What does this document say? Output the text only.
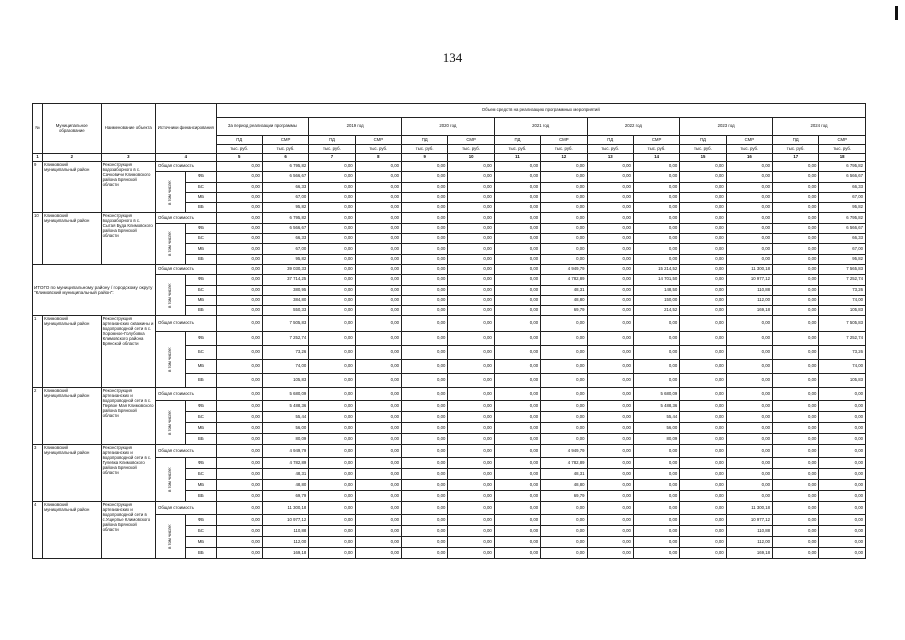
134
№	Муниципальное образование	Наименование объекта	Источники финансирования		Объем средств на реализацию программных мероприятий													
					За период реализации программы		2019 год		2020 год		2021 год		2022 год		2023 год		2024 год	
					ПД	СМР	ПД	СМР	ПД	СМР	ПД	СМР	ПД	СМР	ПД	СМР	ПД	СМР
					тыс. руб.	тыс. руб.	тыс. руб.	тыс. руб.	тыс. руб.	тыс. руб.	тыс. руб.	тыс. руб.	тыс. руб.	тыс. руб.	тыс. руб.	тыс. руб.	тыс. руб.	тыс. руб.
1	2	3	4		5	6	7	8	9	10	11	12	13	14	15	16	17	18
9	Климовский муниципальный район	Реконструкция водозаборного в с. Сачковичи Климовского района Брянской области	Общая стоимость		0,00	6 795,82	0,00	0,00	0,00	0,00	0,00	0,00	0,00	0,00	0,00	0,00	0,00	6 795,82
			в том числе:	ФБ	0,00	6 566,67	0,00	0,00	0,00	0,00	0,00	0,00	0,00	0,00	0,00	0,00	0,00	6 566,67
				БС	0,00	66,33	0,00	0,00	0,00	0,00	0,00	0,00	0,00	0,00	0,00	0,00	0,00	66,33
				МБ	0,00	67,00	0,00	0,00	0,00	0,00	0,00	0,00	0,00	0,00	0,00	0,00	0,00	67,00
				ВБ	0,00	95,82	0,00	0,00	0,00	0,00	0,00	0,00	0,00	0,00	0,00	0,00	0,00	95,82
10	Климовский муниципальный район	Реконструкция водозаборного в с. Сытая Буда Климовского района Брянской области	Общая стоимость		0,00	6 795,82	0,00	0,00	0,00	0,00	0,00	0,00	0,00	0,00	0,00	0,00	0,00	6 795,82
			в том числе:	ФБ	0,00	6 566,67	0,00	0,00	0,00	0,00	0,00	0,00	0,00	0,00	0,00	0,00	0,00	6 566,67
				БС	0,00	66,33	0,00	0,00	0,00	0,00	0,00	0,00	0,00	0,00	0,00	0,00	0,00	66,33
				МБ	0,00	67,00	0,00	0,00	0,00	0,00	0,00	0,00	0,00	0,00	0,00	0,00	0,00	67,00
				ВБ	0,00	95,82	0,00	0,00	0,00	0,00	0,00	0,00	0,00	0,00	0,00	0,00	0,00	95,82
ИТОГО по муниципальному району / городскому округу "Климовский муниципальный район":			Общая стоимость		0,00	39 030,33	0,00	0,00	0,00	0,00	0,00	4 949,79	0,00	15 214,52	0,00	11 300,18	0,00	7 565,83
			в том числе:	ФБ	0,00	37 714,25	0,00	0,00	0,00	0,00	0,00	4 782,89	0,00	14 701,50	0,00	10 977,12	0,00	7 252,74
				БС	0,00	380,95	0,00	0,00	0,00	0,00	0,00	48,31	0,00	148,50	0,00	110,88	0,00	73,26
				МБ	0,00	384,80	0,00	0,00	0,00	0,00	0,00	48,80	0,00	150,00	0,00	112,00	0,00	74,00
				ВБ	0,00	550,33	0,00	0,00	0,00	0,00	0,00	69,79	0,00	214,52	0,00	169,18	0,00	105,83
1	Климовский муниципальный район	Реконструкция артезианских скважины и водопроводной сети в с. Хоромное-Голубовка Климовского района Брянской области	Общая стоимость		0,00	7 505,83	0,00	0,00	0,00	0,00	0,00	0,00	0,00	0,00	0,00	0,00	0,00	7 505,83
			в том числе:	ФБ	0,00	7 252,74	0,00	0,00	0,00	0,00	0,00	0,00	0,00	0,00	0,00	0,00	0,00	7 252,74
				БС	0,00	73,26	0,00	0,00	0,00	0,00	0,00	0,00	0,00	0,00	0,00	0,00	0,00	73,26
				МБ	0,00	74,00	0,00	0,00	0,00	0,00	0,00	0,00	0,00	0,00	0,00	0,00	0,00	74,00
				ВБ	0,00	105,83	0,00	0,00	0,00	0,00	0,00	0,00	0,00	0,00	0,00	0,00	0,00	105,83
2	Климовский муниципальный район	Реконструкция артезианских и водопроводной сети в с. Первое Мая Климовского района Брянской области	Общая стоимость		0,00	5 680,09	0,00	0,00	0,00	0,00	0,00	0,00	0,00	5 680,09	0,00	0,00	0,00	0,00
			в том числе:	ФБ	0,00	5 488,36	0,00	0,00	0,00	0,00	0,00	0,00	0,00	5 488,36	0,00	0,00	0,00	0,00
				БС	0,00	55,44	0,00	0,00	0,00	0,00	0,00	0,00	0,00	55,44	0,00	0,00	0,00	0,00
				МБ	0,00	56,00	0,00	0,00	0,00	0,00	0,00	0,00	0,00	56,00	0,00	0,00	0,00	0,00
				ВБ	0,00	80,09	0,00	0,00	0,00	0,00	0,00	0,00	0,00	80,09	0,00	0,00	0,00	0,00
3	Климовский муниципальный район	Реконструкция артезианских и водопроводной сети в с. Гулевка Климовского района Брянской области	Общая стоимость		0,00	4 949,79	0,00	0,00	0,00	0,00	0,00	4 949,79	0,00	0,00	0,00	0,00	0,00	0,00
			в том числе:	ФБ	0,00	4 782,89	0,00	0,00	0,00	0,00	0,00	4 782,89	0,00	0,00	0,00	0,00	0,00	0,00
				БС	0,00	48,31	0,00	0,00	0,00	0,00	0,00	48,31	0,00	0,00	0,00	0,00	0,00	0,00
				МБ	0,00	48,80	0,00	0,00	0,00	0,00	0,00	48,80	0,00	0,00	0,00	0,00	0,00	0,00
				ВБ	0,00	69,79	0,00	0,00	0,00	0,00	0,00	69,79	0,00	0,00	0,00	0,00	0,00	0,00
4	Климовский муниципальный район	Реконструкция артезианских и водопроводной сети в с.Ущерпье Климовского района Брянской области	Общая стоимость		0,00	11 300,18	0,00	0,00	0,00	0,00	0,00	0,00	0,00	0,00	0,00	11 300,18	0,00	0,00
			в том числе:	ФБ	0,00	10 977,12	0,00	0,00	0,00	0,00	0,00	0,00	0,00	0,00	0,00	10 977,12	0,00	0,00
				БС	0,00	110,88	0,00	0,00	0,00	0,00	0,00	0,00	0,00	0,00	0,00	110,88	0,00	0,00
				МБ	0,00	112,00	0,00	0,00	0,00	0,00	0,00	0,00	0,00	0,00	0,00	112,00	0,00	0,00
				ВБ	0,00	169,18	0,00	0,00	0,00	0,00	0,00	0,00	0,00	0,00	0,00	169,18	0,00	0,00
